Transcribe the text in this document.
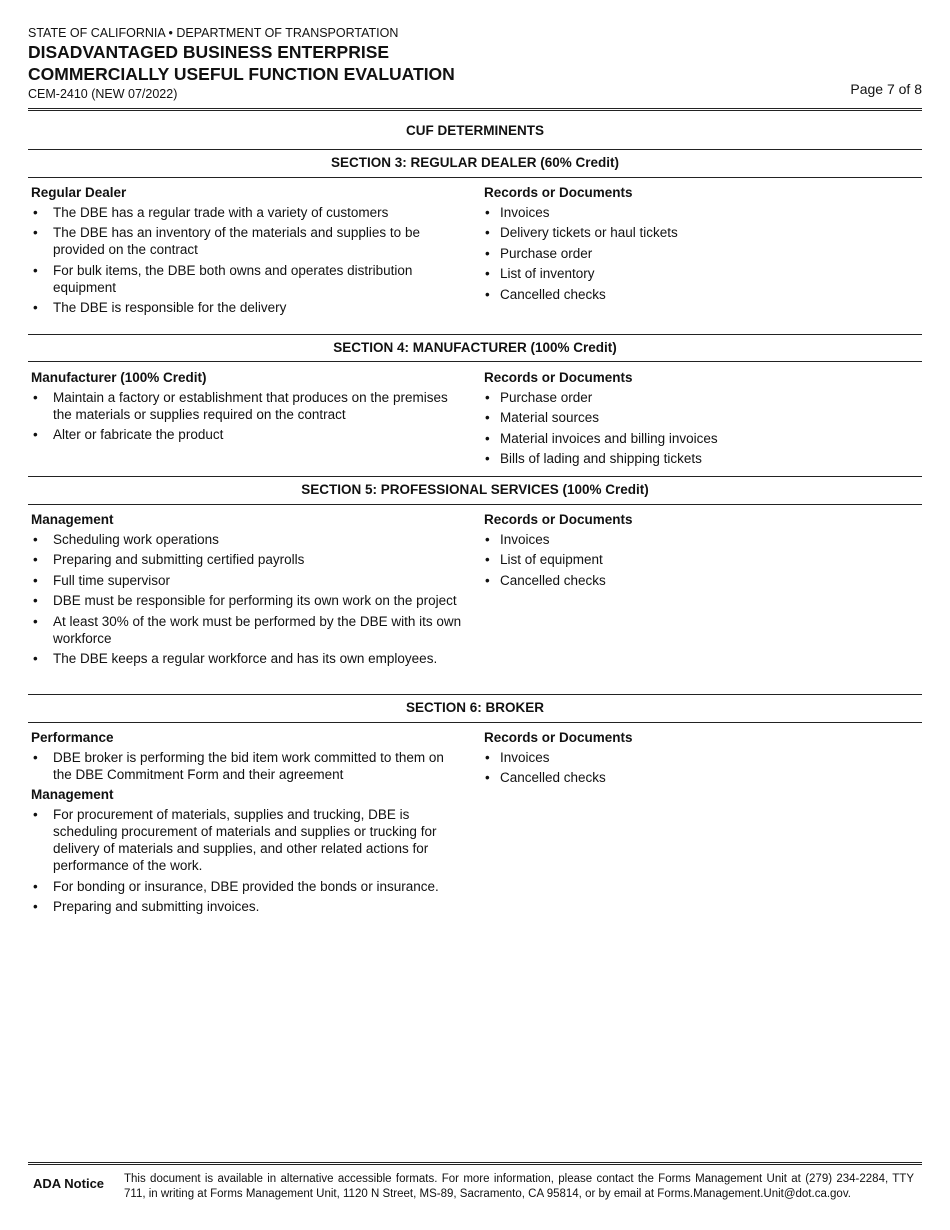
STATE OF CALIFORNIA • DEPARTMENT OF TRANSPORTATION
DISADVANTAGED BUSINESS ENTERPRISE
COMMERCIALLY USEFUL FUNCTION EVALUATION
CEM-2410 (NEW 07/2022)	Page 7 of 8
CUF DETERMINENTS
SECTION 3: REGULAR DEALER (60% Credit)
Regular Dealer
• The DBE has a regular trade with a variety of customers
• The DBE has an inventory of the materials and supplies to be provided on the contract
• For bulk items, the DBE both owns and operates distribution equipment
• The DBE is responsible for the delivery
Records or Documents
• Invoices
• Delivery tickets or haul tickets
• Purchase order
• List of inventory
• Cancelled checks
SECTION 4: MANUFACTURER (100% Credit)
Manufacturer (100% Credit)
• Maintain a factory or establishment that produces on the premises the materials or supplies required on the contract
• Alter or fabricate the product
Records or Documents
• Purchase order
• Material sources
• Material invoices and billing invoices
• Bills of lading and shipping tickets
SECTION 5: PROFESSIONAL SERVICES (100% Credit)
Management
• Scheduling work operations
• Preparing and submitting certified payrolls
• Full time supervisor
• DBE must be responsible for performing its own work on the project
• At least 30% of the work must be performed by the DBE with its own workforce
• The DBE keeps a regular workforce and has its own employees.
Records or Documents
• Invoices
• List of equipment
• Cancelled checks
SECTION 6: BROKER
Performance
• DBE broker is performing the bid item work committed to them on the DBE Commitment Form and their agreement
Management
• For procurement of materials, supplies and trucking, DBE is scheduling procurement of materials and supplies or trucking for delivery of materials and supplies, and other related actions for performance of the work.
• For bonding or insurance, DBE provided the bonds or insurance.
• Preparing and submitting invoices.
Records or Documents
• Invoices
• Cancelled checks
ADA Notice This document is available in alternative accessible formats. For more information, please contact the Forms Management Unit at (279) 234-2284, TTY 711, in writing at Forms Management Unit, 1120 N Street, MS-89, Sacramento, CA 95814, or by email at Forms.Management.Unit@dot.ca.gov.
